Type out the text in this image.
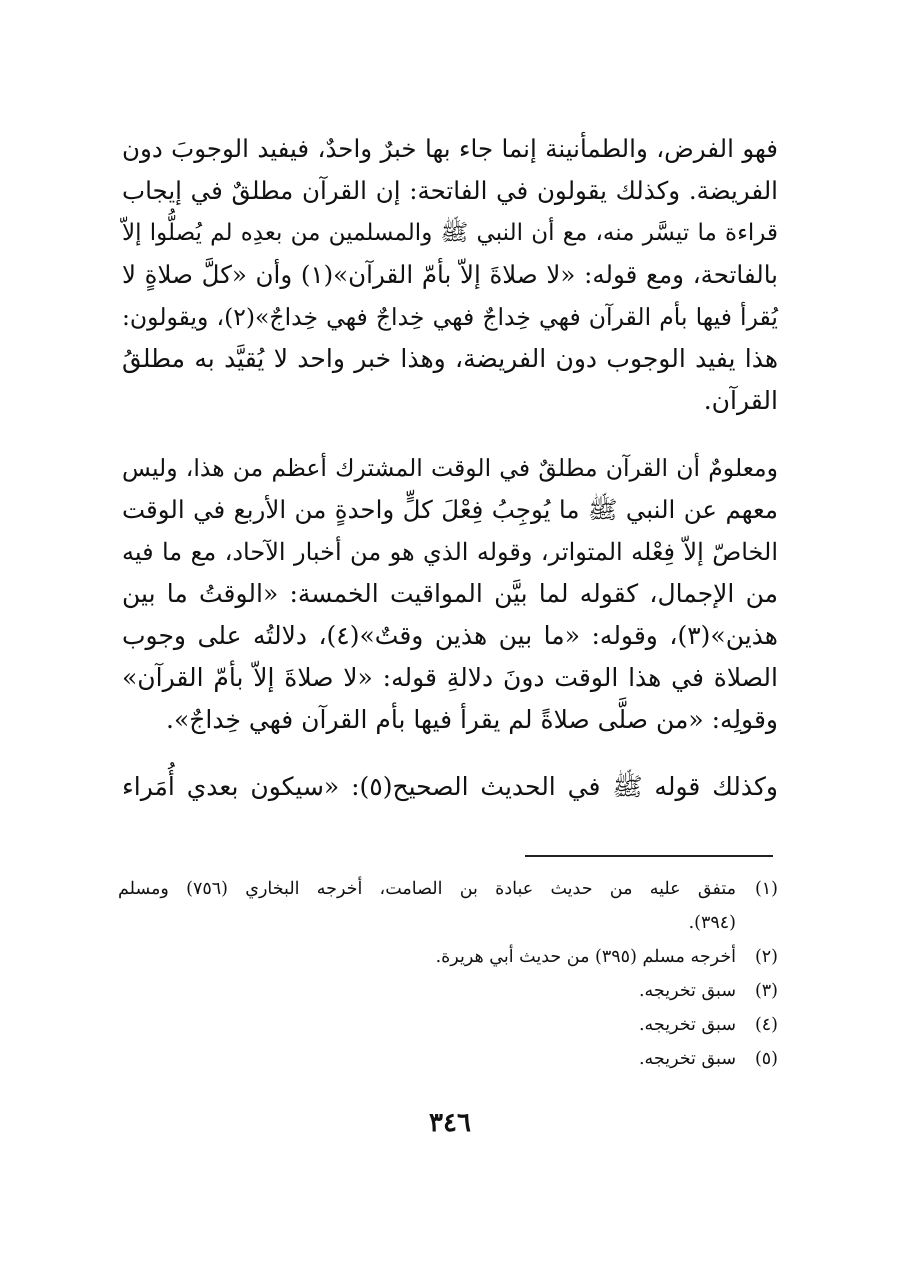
فهو الفرض، والطمأنينة إنما جاء بها خبرٌ واحدٌ، فيفيد الوجوبَ دون
الفريضة. وكذلك يقولون في الفاتحة: إن القرآن مطلقٌ في إيجاب
قراءة ما تيسَّر منه، مع أن النبي ﷺ والمسلمين من بعدِه لم يُصلُّوا إلاّ
بالفاتحة، ومع قوله: «لا صلاةَ إلاّ بأمّ القرآن»(١) وأن «كلَّ صلاةٍ لا
يُقرأ فيها بأم القرآن فهي خِداجٌ فهي خِداجٌ فهي خِداجٌ»(٢)، ويقولون:
هذا يفيد الوجوب دون الفريضة، وهذا خبر واحد لا يُقيَّد به مطلقُ
القرآن.
ومعلومٌ أن القرآن مطلقٌ في الوقت المشترك أعظم من هذا، وليس
معهم عن النبي ﷺ ما يُوجِبُ فِعْلَ كلٍّ واحدةٍ من الأربع في الوقت
الخاصّ إلاّ فِعْله المتواتر، وقوله الذي هو من أخبار الآحاد، مع ما فيه
من الإجمال، كقوله لما بيَّن المواقيت الخمسة: «الوقتُ ما بين
هذين»(٣)، وقوله: «ما بين هذين وقتٌ»(٤)، دلالتُه على وجوب
الصلاة في هذا الوقت دونَ دلالةِ قوله: «لا صلاةَ إلاّ بأمّ القرآن»
وقولِه: «من صلَّى صلاةً لم يقرأ فيها بأم القرآن فهي خِداجٌ».
وكذلك قوله ﷺ في الحديث الصحيح(٥): «سيكون بعدي أُمَراء
(١)
متفق عليه من حديث عبادة بن الصامت، أخرجه البخاري (٧٥٦) ومسلم
(٣٩٤).
(٢)
أخرجه مسلم (٣٩٥) من حديث أبي هريرة.
(٣)
سبق تخريجه.
(٤)
سبق تخريجه.
(٥)
سبق تخريجه.
٣٤٦
